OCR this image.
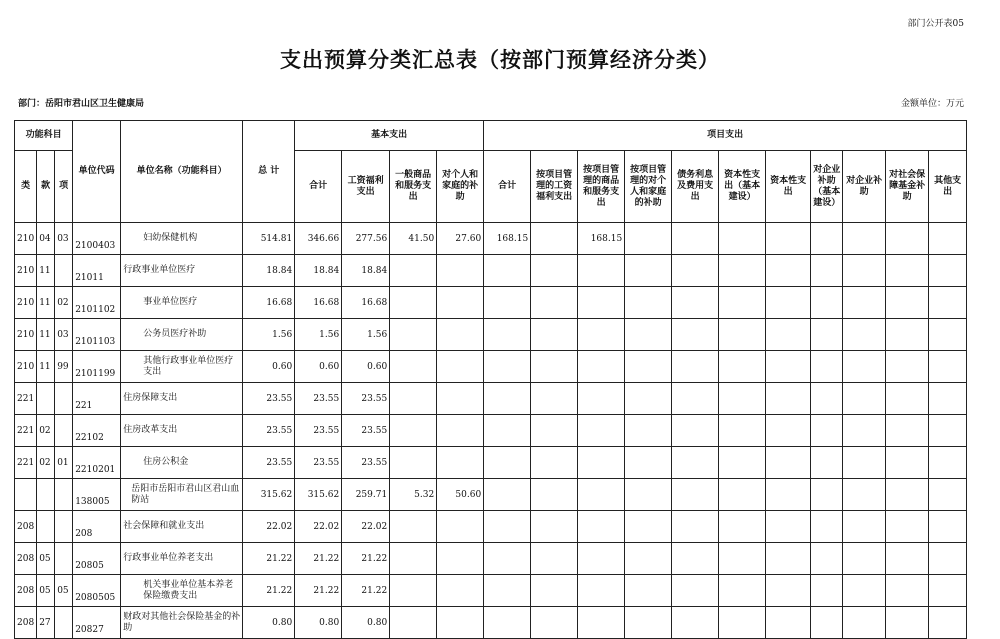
部门公开表05
支出预算分类汇总表（按部门预算经济分类）
部门：岳阳市君山区卫生健康局	金额单位：万元
功能科目			单位代码	单位名称（功能科目）	总 计	基本支出				项目支出										
类	款	项				合计	工资福利支出	一般商品和服务支出	对个人和家庭的补助	合计	按项目管理的工资福利支出	按项目管理的商品和服务支出	按项目管理的对个人和家庭的补助	债务利息及费用支出	资本性支出（基本建设）	资本性支出	对企业补助（基本建设）	对企业补助	对社会保障基金补助	其他支出
210	04	03	2100403	妇幼保健机构	514.81	346.66	277.56	41.50	27.60	168.15		168.15								
210	11		21011	行政事业单位医疗	18.84	18.84	18.84													
210	11	02	2101102	事业单位医疗	16.68	16.68	16.68													
210	11	03	2101103	公务员医疗补助	1.56	1.56	1.56													
210	11	99	2101199	其他行政事业单位医疗支出	0.60	0.60	0.60													
221			221	住房保障支出	23.55	23.55	23.55													
221	02		22102	住房改革支出	23.55	23.55	23.55													
221	02	01	2210201	住房公积金	23.55	23.55	23.55													
			138005	岳阳市岳阳市君山区君山血防站	315.62	315.62	259.71	5.32	50.60											
208			208	社会保障和就业支出	22.02	22.02	22.02													
208	05		20805	行政事业单位养老支出	21.22	21.22	21.22													
208	05	05	2080505	机关事业单位基本养老保险缴费支出	21.22	21.22	21.22													
208	27		20827	财政对其他社会保险基金的补助	0.80	0.80	0.80													
